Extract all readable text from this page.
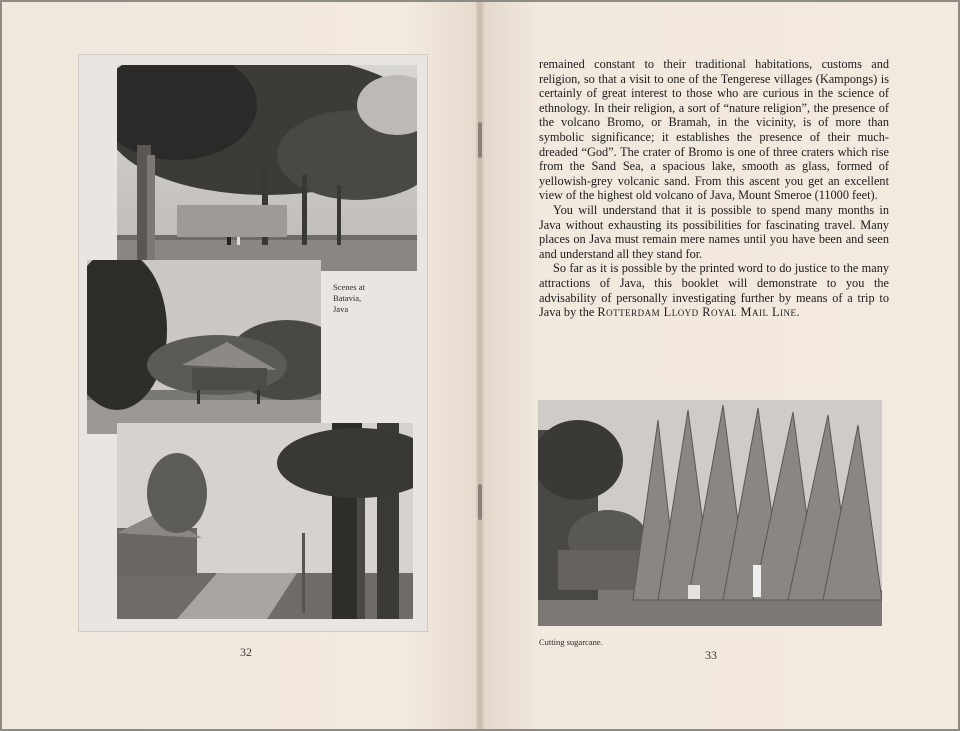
Scenes at
Batavia,
Java
32

remained constant to their traditional habitations, customs and religion, so that a visit to one of the Tengerese villages (Kampongs) is certainly of great interest to those who are curious in the science of ethnology. In their religion, a sort of “nature religion”, the presence of the volcano Bromo, or Bramah, in the vicinity, is of more than symbolic significance; it establishes the presence of their much-dreaded “God”. The crater of Bromo is one of three craters which rise from the Sand Sea, a spacious lake, smooth as glass, formed of yellowish-grey volcanic sand. From this ascent you get an excellent view of the highest old volcano of Java, Mount Smeroe (11000 feet).

You will understand that it is possible to spend many months in Java without exhausting its possibilities for fascinating travel. Many places on Java must remain mere names until you have been and seen and understand all they stand for.

So far as it is possible by the printed word to do justice to the many attractions of Java, this booklet will demonstrate to you the advisability of personally investigating further by means of a trip to Java by the Rotterdam Lloyd Royal Mail Line.

Cutting sugarcane.
33
